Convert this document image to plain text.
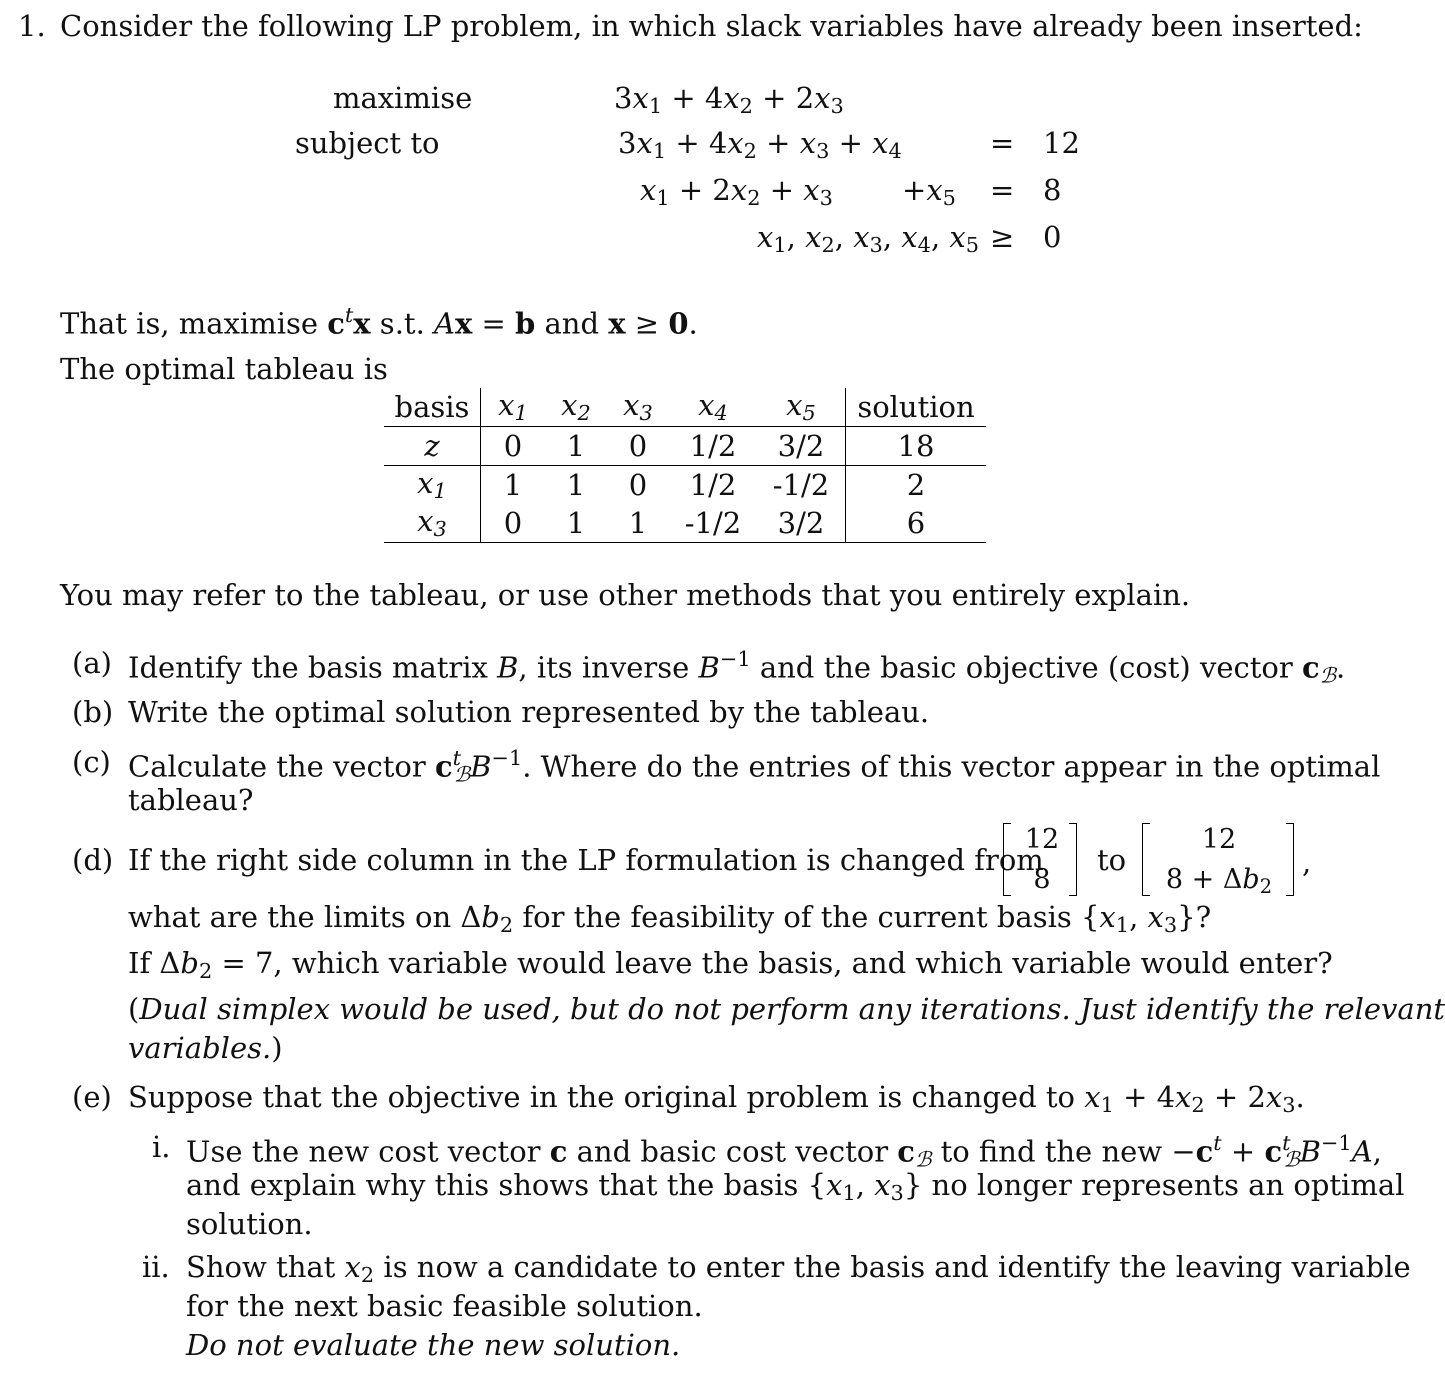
1. Consider the following LP problem, in which slack variables have already been inserted:
maximise
subject to
$3x_1 + 4x_2 + 2x_3$
$3x_1 + 4x_2 + x_3 + x_4$	= 12
$x_1 + 2x_2 + x_3 +x_5 = 8$
$x_1$, $x_2$, $x_3$, $x_4$, $x_5 \ge 0$
That is, maximise $c^tx$ s.t. Ax = b and x ≥ 0.
The optimal tableau is
basis	$x_1$	$x_2$	$x_3$	$x_4$	$x_5$	solution
z	0	1	0	1/2	3/2	18
$x_1$	1	1	0	1/2	-1/2	2
$x_3$	0	1	1	-1/2	3/2	6
You may refer to the tableau, or use other methods that you entirely explain.
(a) Identify the basis matrix B, its inverse $B^{-1}$ and the basic objective (cost) vector $c_ℬ$.
(b) Write the optimal solution represented by the tableau.
(c) Calculate the vector $c^t_ℬB^{-1}$. Where do the entries of this vector appear in the optimal
tableau?
(d) If the right side column in the LP formulation is changed from
12
8
to
12
$8 + \Delta b_2$
,
what are the limits on $\Delta b_2$ for the feasibility of the current basis {$x_1$, $x_3$}?
If $\Delta b_2 = 7$, which variable would leave the basis, and which variable would enter?
(Dual simplex would be used, but do not perform any iterations. Just identify the relevant
variables.)
(e) Suppose that the objective in the original problem is changed to $x_1 + 4x_2 + 2x_3$.
i. Use the new cost vector c and basic cost vector $c_ℬ$ to find the new $-c^t + c^t_ℬB^{-1}A$,
and explain why this shows that the basis {$x_1$, $x_3$} no longer represents an optimal
solution.
ii. Show that $x_2$ is now a candidate to enter the basis and identify the leaving variable
for the next basic feasible solution.
Do not evaluate the new solution.
